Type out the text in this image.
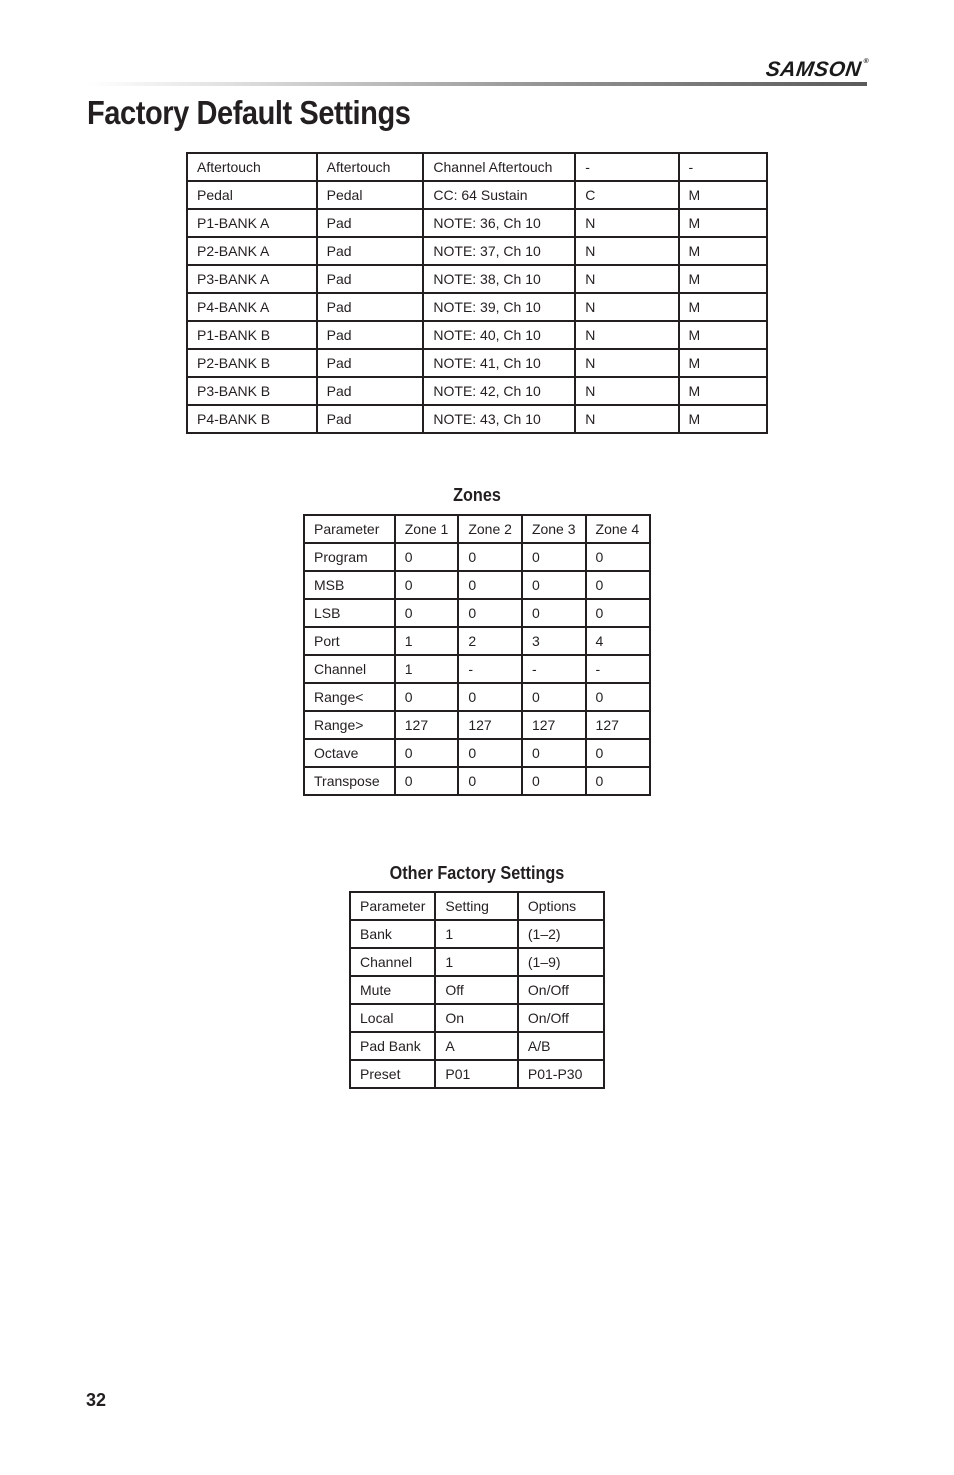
SAMSON®
Factory Default Settings
Aftertouch	Aftertouch	Channel Aftertouch	-	-
Pedal	Pedal	CC: 64 Sustain	C	M
P1-BANK A	Pad	NOTE: 36, Ch 10	N	M
P2-BANK A	Pad	NOTE: 37, Ch 10	N	M
P3-BANK A	Pad	NOTE: 38, Ch 10	N	M
P4-BANK A	Pad	NOTE: 39, Ch 10	N	M
P1-BANK B	Pad	NOTE: 40, Ch 10	N	M
P2-BANK B	Pad	NOTE: 41, Ch 10	N	M
P3-BANK B	Pad	NOTE: 42, Ch 10	N	M
P4-BANK B	Pad	NOTE: 43, Ch 10	N	M
Zones
Parameter	Zone 1	Zone 2	Zone 3	Zone 4
Program	0	0	0	0
MSB	0	0	0	0
LSB	0	0	0	0
Port	1	2	3	4
Channel	1	-	-	-
Range<	0	0	0	0
Range>	127	127	127	127
Octave	0	0	0	0
Transpose	0	0	0	0
Other Factory Settings
Parameter	Setting	Options
Bank	1	(1–2)
Channel	1	(1–9)
Mute	Off	On/Off
Local	On	On/Off
Pad Bank	A	A/B
Preset	P01	P01-P30
32
